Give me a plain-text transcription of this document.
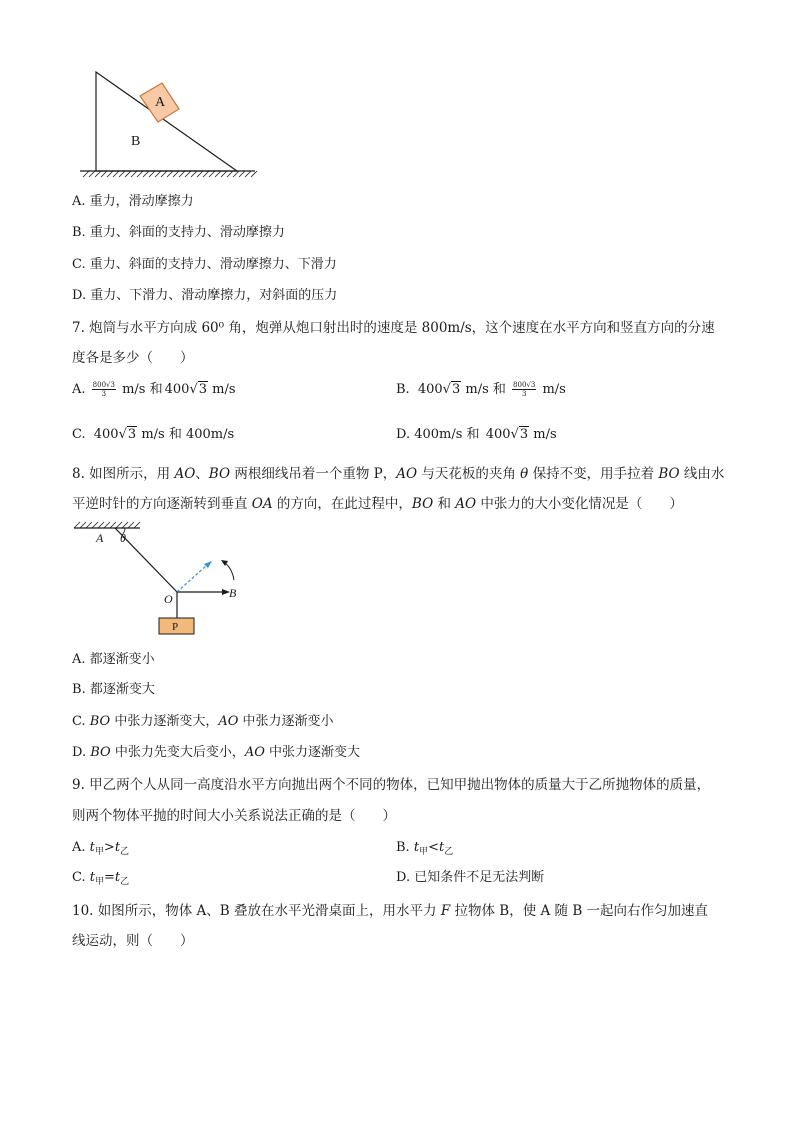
A
B
A. 重力，滑动摩擦力
B. 重力、斜面的支持力、滑动摩擦力
C. 重力、斜面的支持力、滑动摩擦力、下滑力
D. 重力、下滑力、滑动摩擦力，对斜面的压力
7. 炮筒与水平方向成 60⁰ 角，炮弹从炮口射出时的速度是 800m/s，这个速度在水平方向和竖直方向的分速
度各是多少（　　）
A. $\frac{800√3}{3} m/s$ 和 400√3 m/s	B. 400√3 m/s 和 $\frac{800√3}{3} m/s$
C. 400√3 m/s 和 400m/s	D. 400m/s 和 400√3 m/s
8. 如图所示，用 AO、BO 两根细线吊着一个重物 P，AO 与天花板的夹角 θ 保持不变，用手拉着 BO 线由水
平逆时针的方向逐渐转到垂直 OA 的方向，在此过程中，BO 和 AO 中张力的大小变化情况是（　　）
A θ
O	B
P
A. 都逐渐变小
B. 都逐渐变大
C. BO 中张力逐渐变大，AO 中张力逐渐变小
D. BO 中张力先变大后变小，AO 中张力逐渐变大
9. 甲乙两个人从同一高度沿水平方向抛出两个不同的物体，已知甲抛出物体的质量大于乙所抛物体的质量，
则两个物体平抛的时间大小关系说法正确的是（　　）
A. $t_甲>t_乙$	B. $t_甲<t_乙$
C. $t_甲=t_乙$	D. 已知条件不足无法判断
10. 如图所示，物体 A、B 叠放在水平光滑桌面上，用水平力 F 拉物体 B，使 A 随 B 一起向右作匀加速直
线运动，则（　　）
